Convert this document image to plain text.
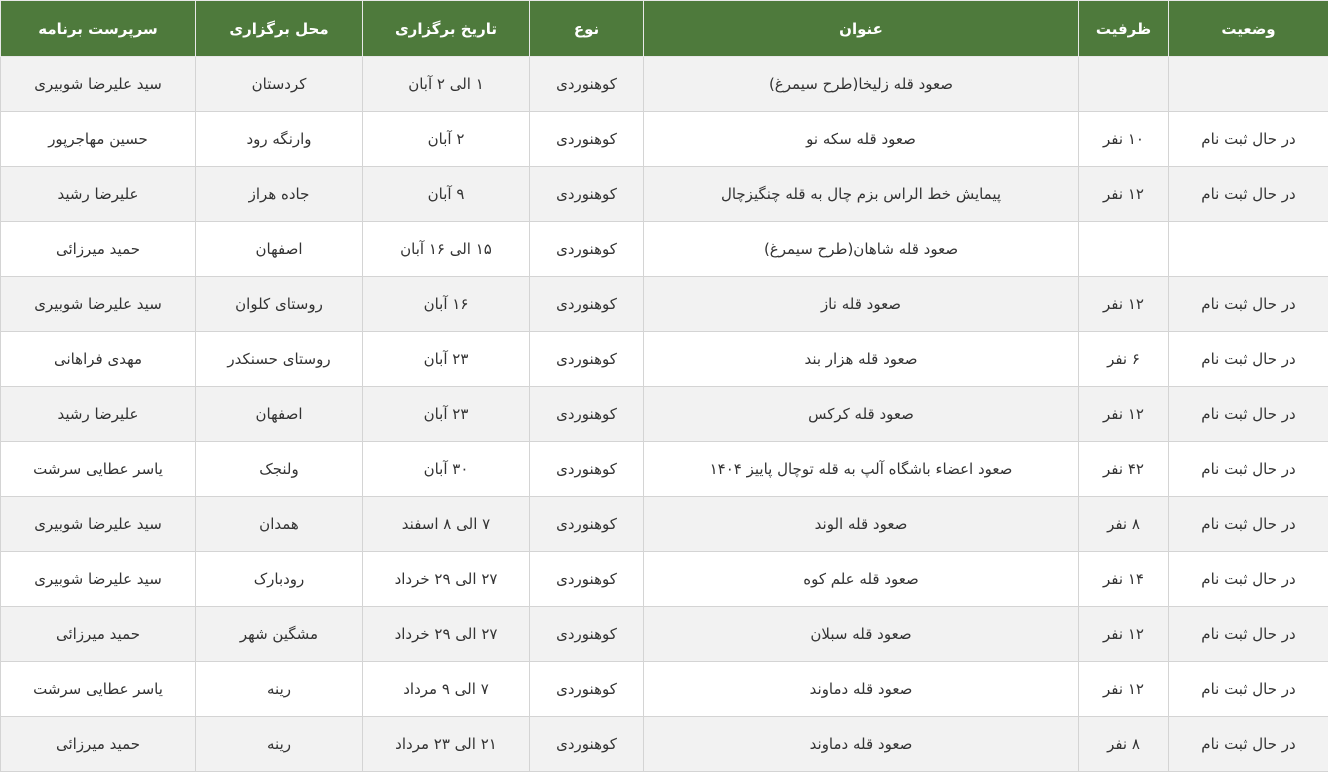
وضعیت	ظرفیت	عنوان	نوع	تاریخ برگزاری	محل برگزاری	سرپرست برنامه
		صعود قله زلیخا(طرح سیمرغ)	کوهنوردی	۱ الی ۲ آبان	کردستان	سید علیرضا شوبیری
در حال ثبت نام	۱۰ نفر	صعود قله سکه نو	کوهنوردی	۲ آبان	وارنگه رود	حسین مهاجرپور
در حال ثبت نام	۱۲ نفر	پیمایش خط الراس بزم چال به قله چنگیزچال	کوهنوردی	۹ آبان	جاده هراز	علیرضا رشید
		صعود قله شاهان(طرح سیمرغ)	کوهنوردی	۱۵ الی ۱۶ آبان	اصفهان	حمید میرزائی
در حال ثبت نام	۱۲ نفر	صعود قله ناز	کوهنوردی	۱۶ آبان	روستای کلوان	سید علیرضا شوبیری
در حال ثبت نام	۶ نفر	صعود قله هزار بند	کوهنوردی	۲۳ آبان	روستای حسنکدر	مهدی فراهانی
در حال ثبت نام	۱۲ نفر	صعود قله کرکس	کوهنوردی	۲۳ آبان	اصفهان	علیرضا رشید
در حال ثبت نام	۴۲ نفر	صعود اعضاء باشگاه آلپ به قله توچال پاییز ۱۴۰۴	کوهنوردی	۳۰ آبان	ولنجک	یاسر عطایی سرشت
در حال ثبت نام	۸ نفر	صعود قله الوند	کوهنوردی	۷ الی ۸ اسفند	همدان	سید علیرضا شوبیری
در حال ثبت نام	۱۴ نفر	صعود قله علم کوه	کوهنوردی	۲۷ الی ۲۹ خرداد	رودبارک	سید علیرضا شوبیری
در حال ثبت نام	۱۲ نفر	صعود قله سبلان	کوهنوردی	۲۷ الی ۲۹ خرداد	مشگین شهر	حمید میرزائی
در حال ثبت نام	۱۲ نفر	صعود قله دماوند	کوهنوردی	۷ الی ۹ مرداد	رینه	یاسر عطایی سرشت
در حال ثبت نام	۸ نفر	صعود قله دماوند	کوهنوردی	۲۱ الی ۲۳ مرداد	رینه	حمید میرزائی
